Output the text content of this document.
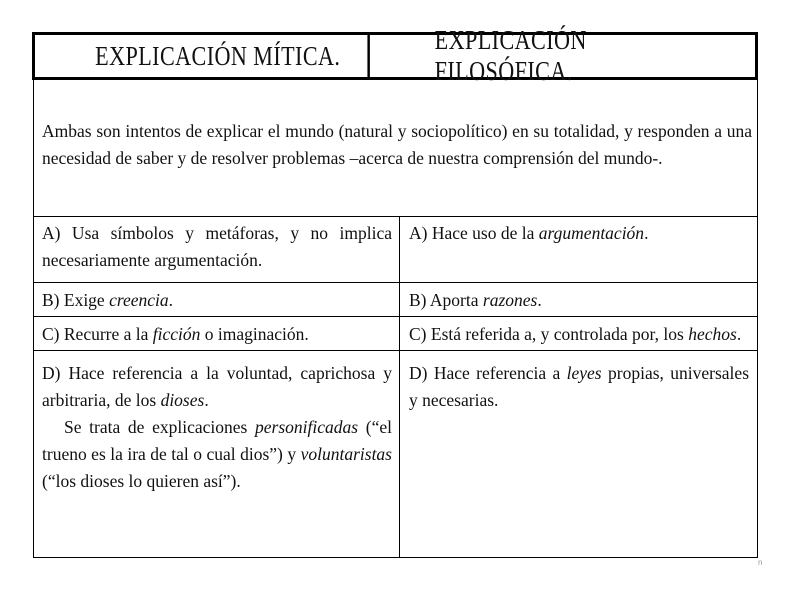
EXPLICACIÓN MÍTICA.
EXPLICACIÓN FILOSÓFICA.
Ambas son intentos de explicar el mundo (natural y sociopolítico) en su totalidad, y responden a una necesidad de saber y de resolver problemas –acerca de nuestra comprensión del mundo-.
A) Usa símbolos y metáforas, y no implica necesariamente argumentación.
A) Hace uso de la argumentación.
B) Exige creencia.	B) Aporta razones.
C) Recurre a la ficción o imaginación.	C) Está referida a, y controlada por, los hechos.

D) Hace referencia a la voluntad, caprichosa y arbitraria, de los dioses.

Se trata de explicaciones personificadas (“el trueno es la ira de tal o cual dios”) y voluntaristas (“los dioses lo quieren así”).

D) Hace referencia a leyes propias, universales y necesarias.
n
